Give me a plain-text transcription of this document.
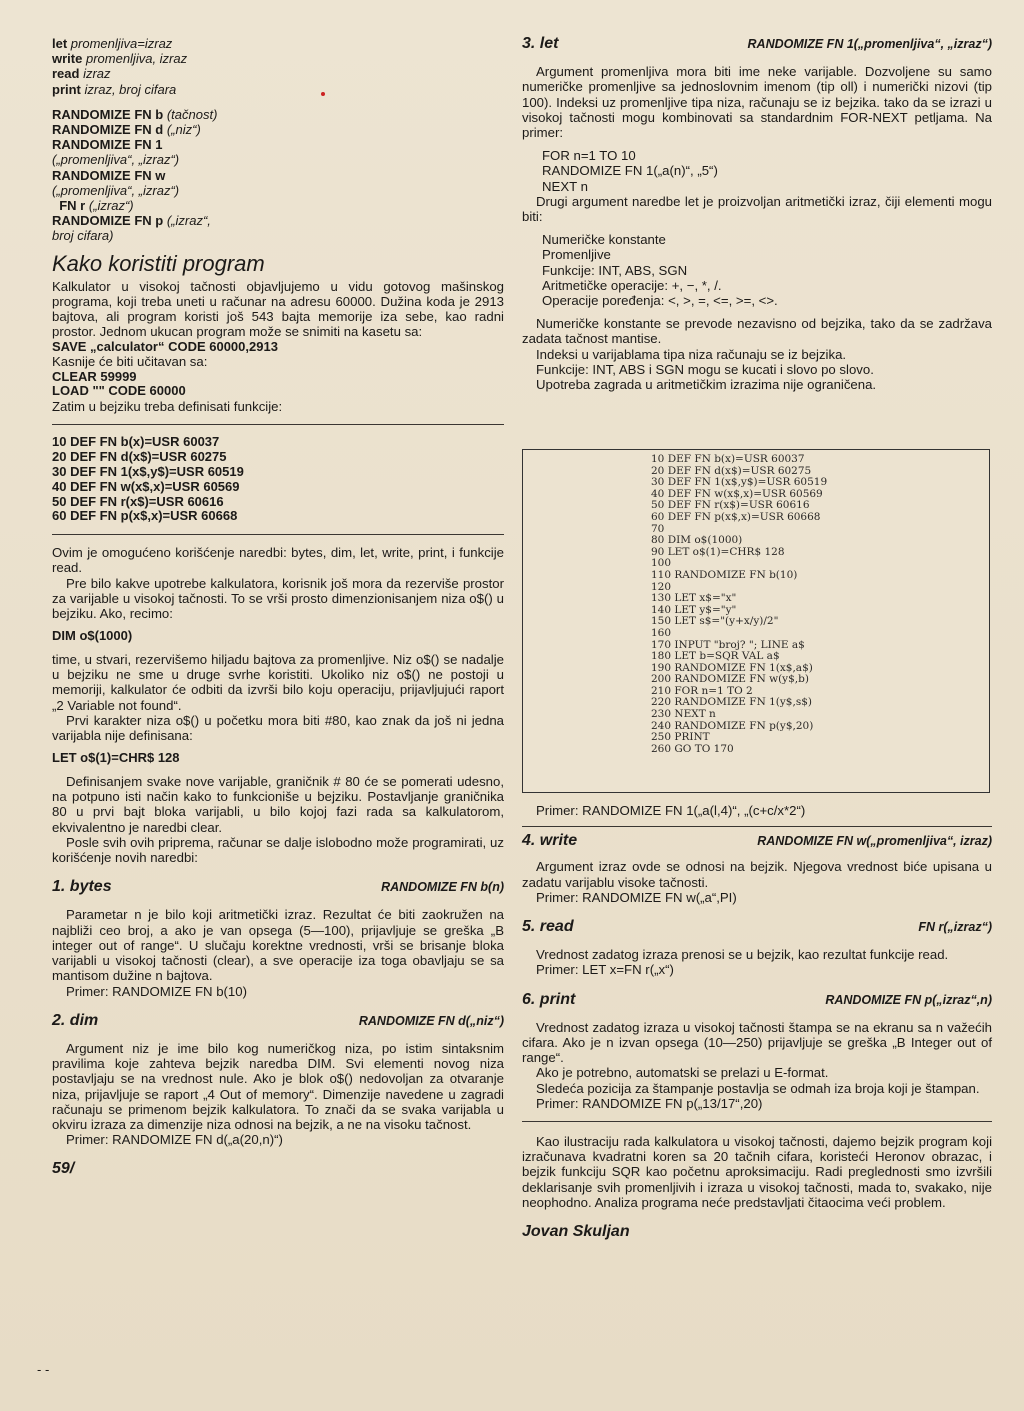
let promenljiva=izraz
write promenljiva, izraz
read izraz
print izraz, broj cifara
RANDOMIZE FN b (tačnost)
RANDOMIZE FN d („niz“)
RANDOMIZE FN 1
(„promenljiva“, „izraz“)
RANDOMIZE FN w
(„promenljiva“, „izraz“)
FN r („izraz“)
RANDOMIZE FN p („izraz“,
broj cifara)
Kako koristiti program

Kalkulator u visokoj tačnosti objavljujemo u vidu gotovog mašinskog programa, koji treba uneti u računar na adresu 60000. Dužina koda je 2913 bajtova, ali program koristi još 543 bajta memorije iza sebe, kao radni prostor. Jednom ukucan program može se snimiti na kasetu sa:

SAVE „calculator“ CODE 60000,2913

Kasnije će biti učitavan sa:

CLEAR 59999
LOAD "" CODE 60000

Zatim u bejziku treba definisati funkcije:

10 DEF FN b(x)=USR 60037
20 DEF FN d(x$)=USR 60275
30 DEF FN 1(x$,y$)=USR 60519
40 DEF FN w(x$,x)=USR 60569
50 DEF FN r(x$)=USR 60616
60 DEF FN p(x$,x)=USR 60668

Ovim je omogućeno korišćenje naredbi: bytes, dim, let, write, print, i funkcije read.

Pre bilo kakve upotrebe kalkulatora, korisnik još mora da rezerviše prostor za varijable u visokoj tačnosti. To se vrši prosto dimenzionisanjem niza o$() u bejziku. Ako, recimo:

DIM o$(1000)

time, u stvari, rezervišemo hiljadu bajtova za promenljive. Niz o$() se nadalje u bejziku ne sme u druge svrhe koristiti. Ukoliko niz o$() ne postoji u memoriji, kalkulator će odbiti da izvrši bilo koju operaciju, prijavljujući raport „2 Variable not found“.

Prvi karakter niza o$() u početku mora biti #80, kao znak da još ni jedna varijabla nije definisana:

LET o$(1)=CHR$ 128

Definisanjem svake nove varijable, graničnik # 80 će se pomerati udesno, na potpuno isti način kako to funkcioniše u bejziku. Postavljanje graničnika 80 u prvi bajt bloka varijabli, u bilo kojoj fazi rada sa kalkulatorom, ekvivalentno je naredbi clear.

Posle svih ovih priprema, računar se dalje islobodno može programirati, uz korišćenje novih naredbi:

1. bytes	RANDOMIZE FN b(n)

Parametar n je bilo koji aritmetički izraz. Rezultat će biti zaokružen na najbliži ceo broj, a ako je van opsega (5—100), prijavljuje se greška „B integer out of range“. U slučaju korektne vrednosti, vrši se brisanje bloka varijabli u visokoj tačnosti (clear), a sve operacije iza toga obavljaju se sa mantisom dužine n bajtova.

Primer: RANDOMIZE FN b(10)

2. dim	RANDOMIZE FN d(„niz“)

Argument niz je ime bilo kog numeričkog niza, po istim sintaksnim pravilima koje zahteva bejzik naredba DIM. Svi elementi novog niza postavljaju se na vrednost nule. Ako je blok o$() nedovoljan za otvaranje niza, prijavljuje se raport „4 Out of memory“. Dimenzije navedene u zagradi računaju se primenom bejzik kalkulatora. To znači da se svaka varijabla u okviru izraza za dimenzije niza odnosi na bejzik, a ne na visoku tačnost.

Primer: RANDOMIZE FN d(„a(20,n)“)

59/
3. let	RANDOMIZE FN 1(„promenljiva“, „izraz“)

Argument promenljiva mora biti ime neke varijable. Dozvoljene su samo numeričke promenljive sa jednoslovnim imenom (tip oll) i numerički nizovi (tip 100). Indeksi uz promenljive tipa niza, računaju se iz bejzika. tako da se izrazi u visokoj tačnosti mogu kombinovati sa standardnim FOR-NEXT petljama. Na primer:

FOR n=1 TO 10
RANDOMIZE FN 1(„a(n)“, „5“)
NEXT n

Drugi argument naredbe let je proizvoljan aritmetički izraz, čiji elementi mogu biti:

Numeričke konstante
Promenljive
Funkcije: INT, ABS, SGN
Aritmetičke operacije: +, −, *, /.
Operacije poređenja: <, >, =, <=, >=, <>.

Numeričke konstante se prevode nezavisno od bejzika, tako da se zadržava zadata tačnost mantise.

Indeksi u varijablama tipa niza računaju se iz bejzika.

Funkcije: INT, ABS i SGN mogu se kucati i slovo po slovo.

Upotreba zagrada u aritmetičkim izrazima nije ograničena.

10 DEF FN b(x)=USR 60037
20 DEF FN d(x$)=USR 60275
30 DEF FN 1(x$,y$)=USR 60519
40 DEF FN w(x$,x)=USR 60569
50 DEF FN r(x$)=USR 60616
60 DEF FN p(x$,x)=USR 60668
70
80 DIM o$(1000)
90 LET o$(1)=CHR$ 128
100
110 RANDOMIZE FN b(10)
120
130 LET x$="x"
140 LET y$="y"
150 LET s$="(y+x/y)/2"
160
170 INPUT "broj? "; LINE a$
180 LET b=SQR VAL a$
190 RANDOMIZE FN 1(x$,a$)
200 RANDOMIZE FN w(y$,b)
210 FOR n=1 TO 2
220 RANDOMIZE FN 1(y$,s$)
230 NEXT n
240 RANDOMIZE FN p(y$,20)
250 PRINT
260 GO TO 170

Primer: RANDOMIZE FN 1(„a(l,4)“, „(c+c/x*2“)

4. write	RANDOMIZE FN w(„promenljiva“, izraz)

Argument izraz ovde se odnosi na bejzik. Njegova vrednost biće upisana u zadatu varijablu visoke tačnosti.

Primer: RANDOMIZE FN w(„a“,PI)

5. read	FN r(„izraz“)

Vrednost zadatog izraza prenosi se u bejzik, kao rezultat funkcije read.

Primer: LET x=FN r(„x“)

6. print	RANDOMIZE FN p(„izraz“,n)

Vrednost zadatog izraza u visokoj tačnosti štampa se na ekranu sa n važećih cifara. Ako je n izvan opsega (10—250) prijavljuje se greška „B Integer out of range“.

Ako je potrebno, automatski se prelazi u E-format.

Sledeća pozicija za štampanje postavlja se odmah iza broja koji je štampan.

Primer: RANDOMIZE FN p(„13/17“,20)

Kao ilustraciju rada kalkulatora u visokoj tačnosti, dajemo bejzik program koji izračunava kvadratni koren sa 20 tačnih cifara, koristeći Heronov obrazac, i bejzik funkciju SQR kao početnu aproksimaciju. Radi preglednosti smo izvršili deklarisanje svih promenljivih i izraza u visokoj tačnosti, mada to, svakako, nije neophodno. Analiza programa neće predstavljati čitaocima veći problem.

Jovan Skuljan
- -
